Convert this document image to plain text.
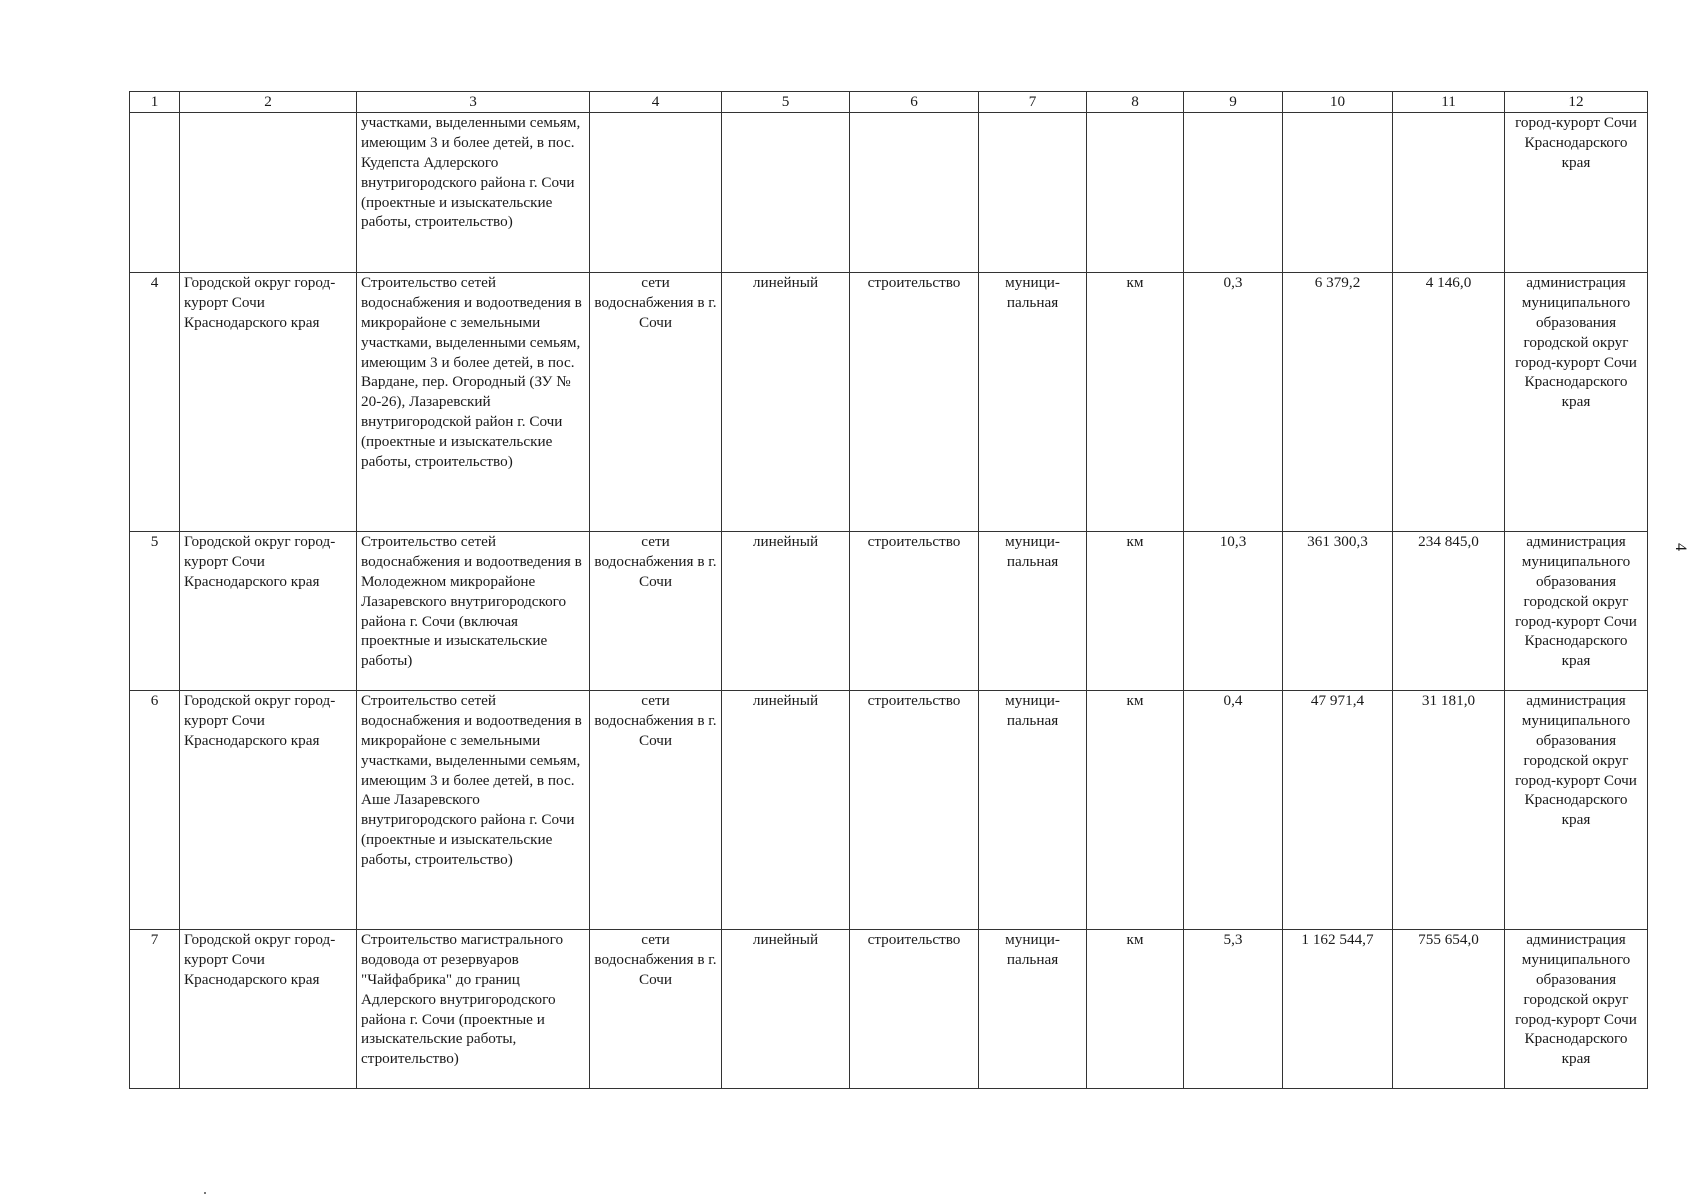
1	2	3	4	5	6	7	8	9	10	11	12
		участками, выделенными семьям, имеющим 3 и более детей, в пос. Кудепста Адлерского внутригородского района г. Сочи (проектные и изыскательские работы, строительство)									город-курорт Сочи Краснодарского края
4	Городской округ город-курорт Сочи Краснодарского края	Строительство сетей водоснабжения и водоотведения в микрорайоне с земельными участками, выделенными семьям, имеющим 3 и более детей, в пос. Вардане, пер. Огородный (ЗУ № 20-26), Лазаревский внутригородской район г. Сочи (проектные и изыскательские работы, строительство)	сети водоснабжения в г. Сочи	линейный	строительство	муници-пальная	км	0,3	6 379,2	4 146,0	администрация муниципального образования городской округ город-курорт Сочи Краснодарского края
5	Городской округ город-курорт Сочи Краснодарского края	Строительство сетей водоснабжения и водоотведения в Молодежном микрорайоне Лазаревского внутригородского района г. Сочи (включая проектные и изыскательские работы)	сети водоснабжения в г. Сочи	линейный	строительство	муници-пальная	км	10,3	361 300,3	234 845,0	администрация муниципального образования городской округ город-курорт Сочи Краснодарского края
6	Городской округ город-курорт Сочи Краснодарского края	Строительство сетей водоснабжения и водоотведения в микрорайоне с земельными участками, выделенными семьям, имеющим 3 и более детей, в пос. Аше Лазаревского внутригородского района г. Сочи (проектные и изыскательские работы, строительство)	сети водоснабжения в г. Сочи	линейный	строительство	муници-пальная	км	0,4	47 971,4	31 181,0	администрация муниципального образования городской округ город-курорт Сочи Краснодарского края
7	Городской округ город-курорт Сочи Краснодарского края	Строительство магистрального водовода от резервуаров "Чайфабрика" до границ Адлерского внутригородского района г. Сочи (проектные и изыскательские работы, строительство)	сети водоснабжения в г. Сочи	линейный	строительство	муници-пальная	км	5,3	1 162 544,7	755 654,0	администрация муниципального образования городской округ город-курорт Сочи Краснодарского края
4
